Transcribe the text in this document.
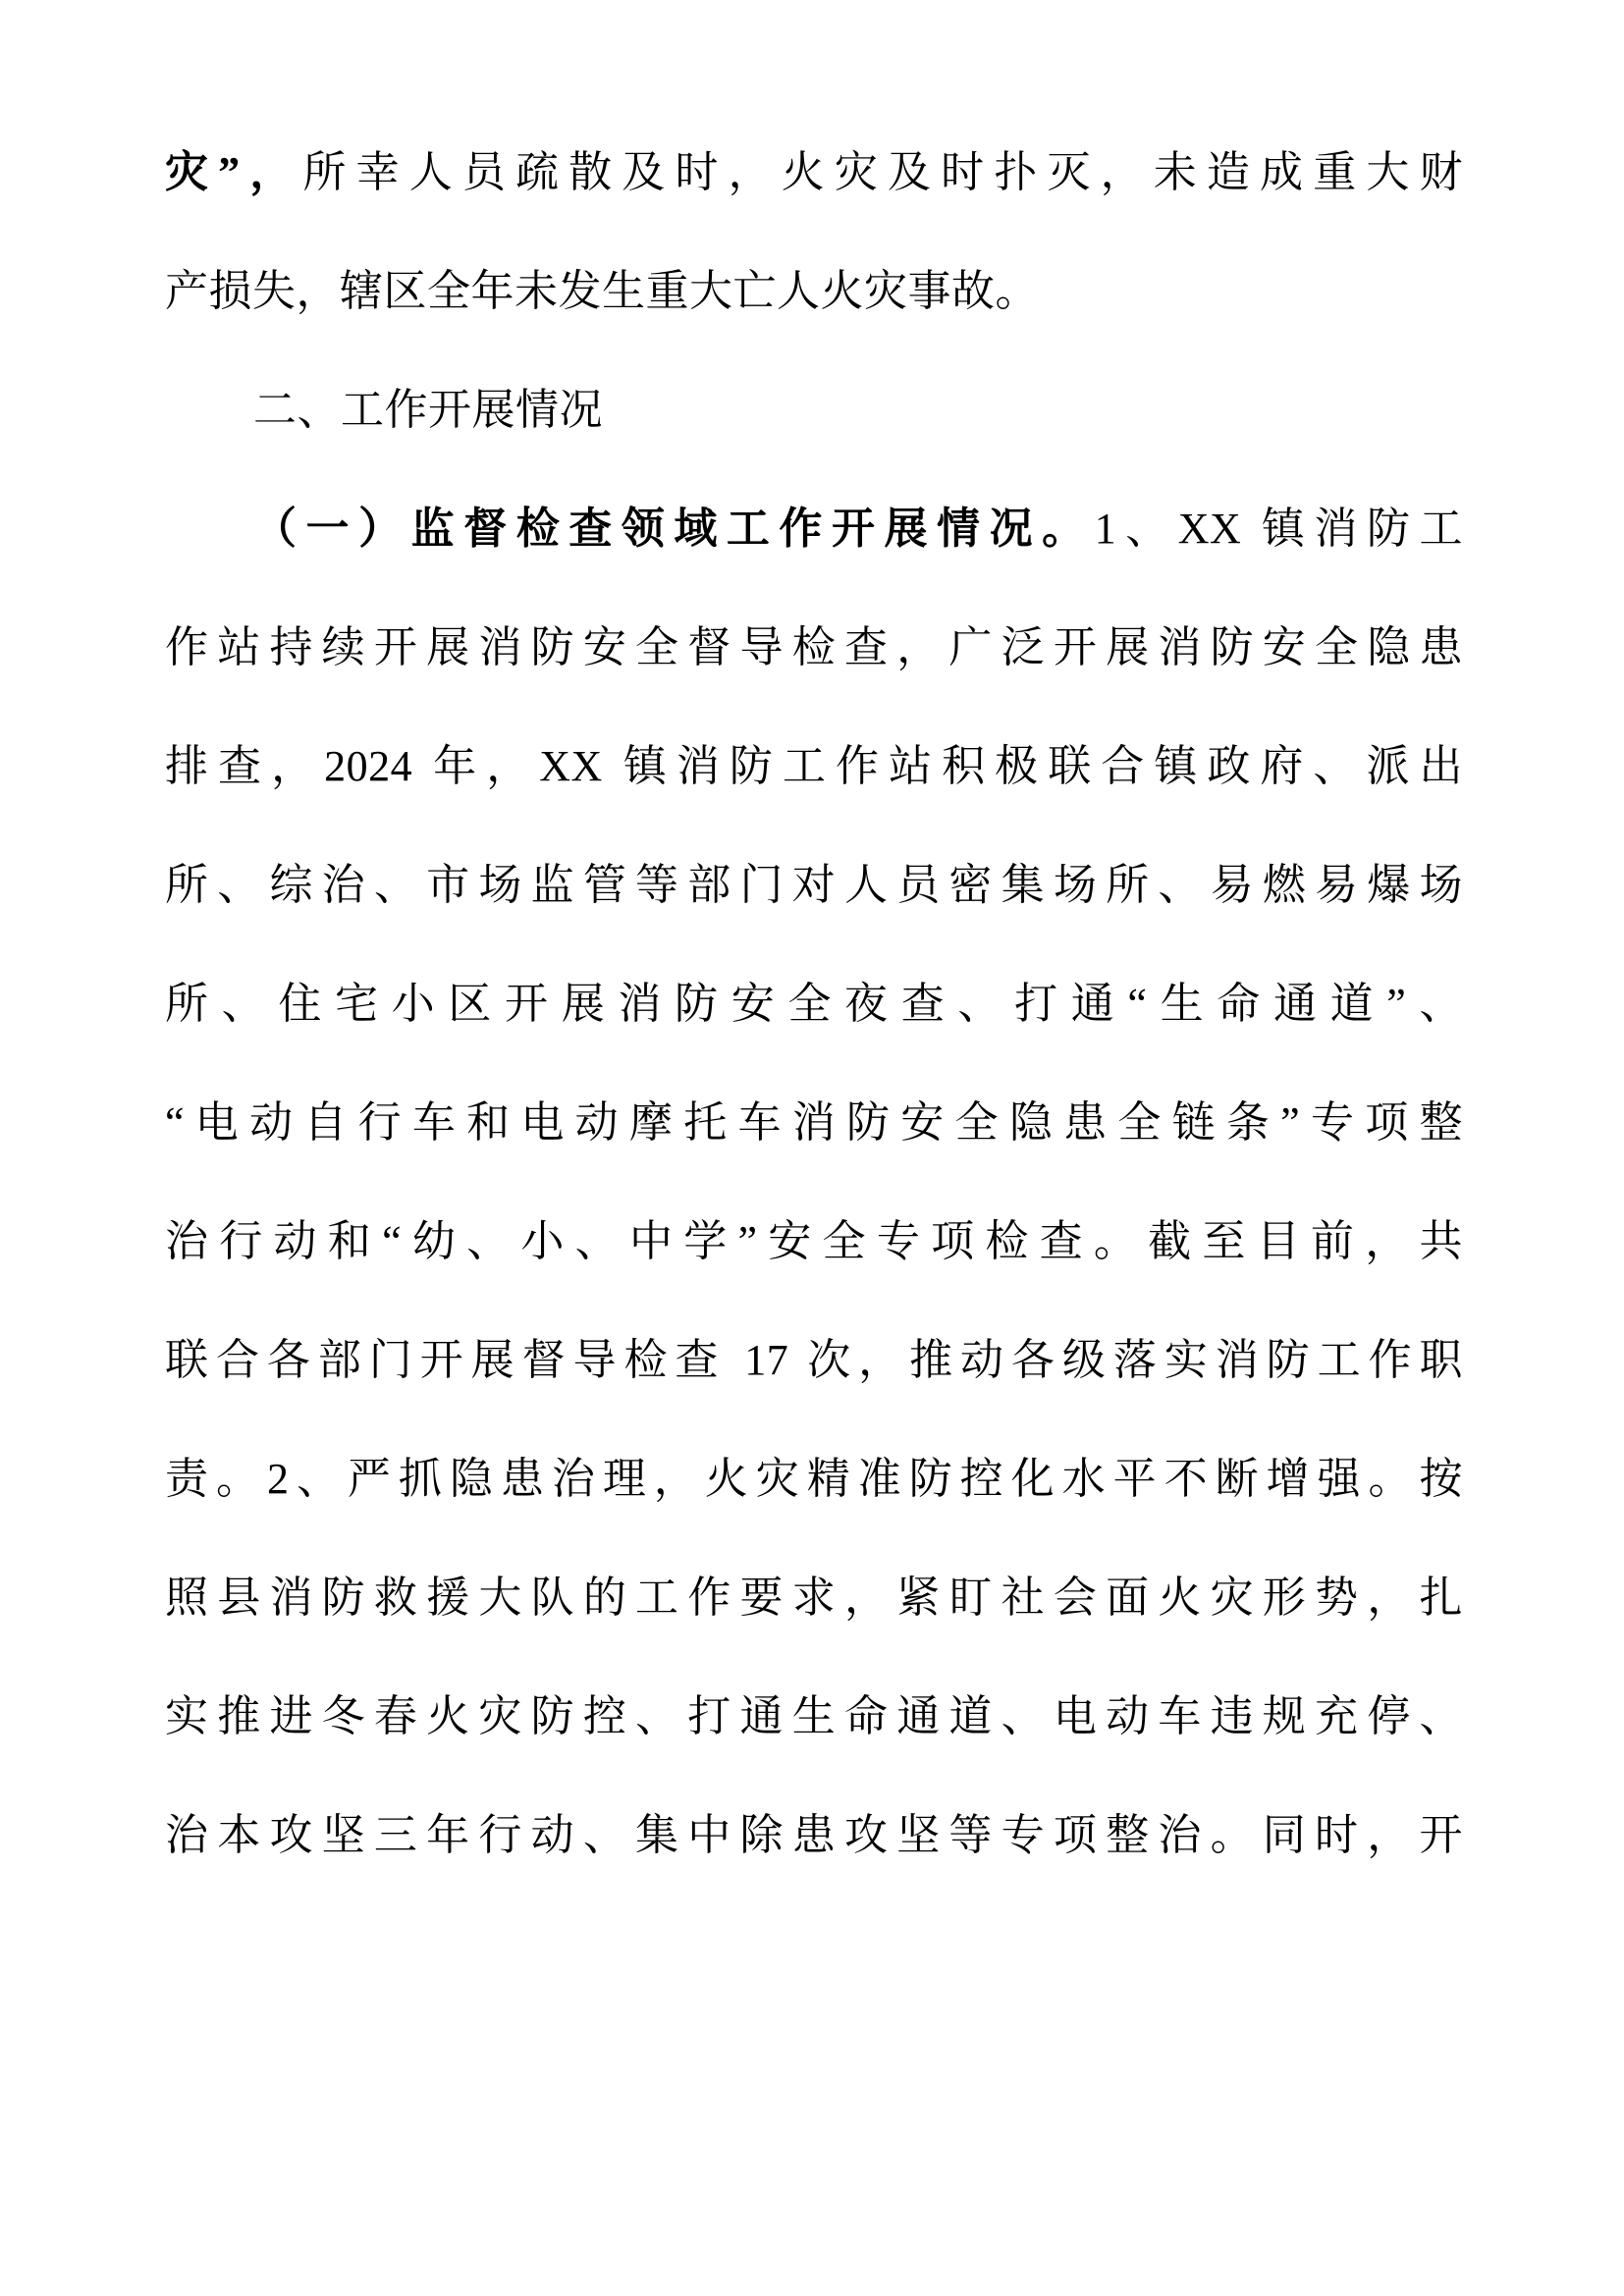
灾”，所幸人员疏散及时，火灾及时扑灭，未造成重大财
产损失，辖区全年未发生重大亡人火灾事故。
二、工作开展情况
（一）监督检查领域工作开展情况。1、XX 镇消防工
作站持续开展消防安全督导检查，广泛开展消防安全隐患
排查，2024 年，XX 镇消防工作站积极联合镇政府、派出
所、综治、市场监管等部门对人员密集场所、易燃易爆场
所、住宅小区开展消防安全夜查、打通“生命通道”、
“电动自行车和电动摩托车消防安全隐患全链条”专项整
治行动和“幼、小、中学”安全专项检查。截至目前，共
联合各部门开展督导检查 17 次，推动各级落实消防工作职
责。2、严抓隐患治理，火灾精准防控化水平不断增强。按
照县消防救援大队的工作要求，紧盯社会面火灾形势，扎
实推进冬春火灾防控、打通生命通道、电动车违规充停、
治本攻坚三年行动、集中除患攻坚等专项整治。同时，开
